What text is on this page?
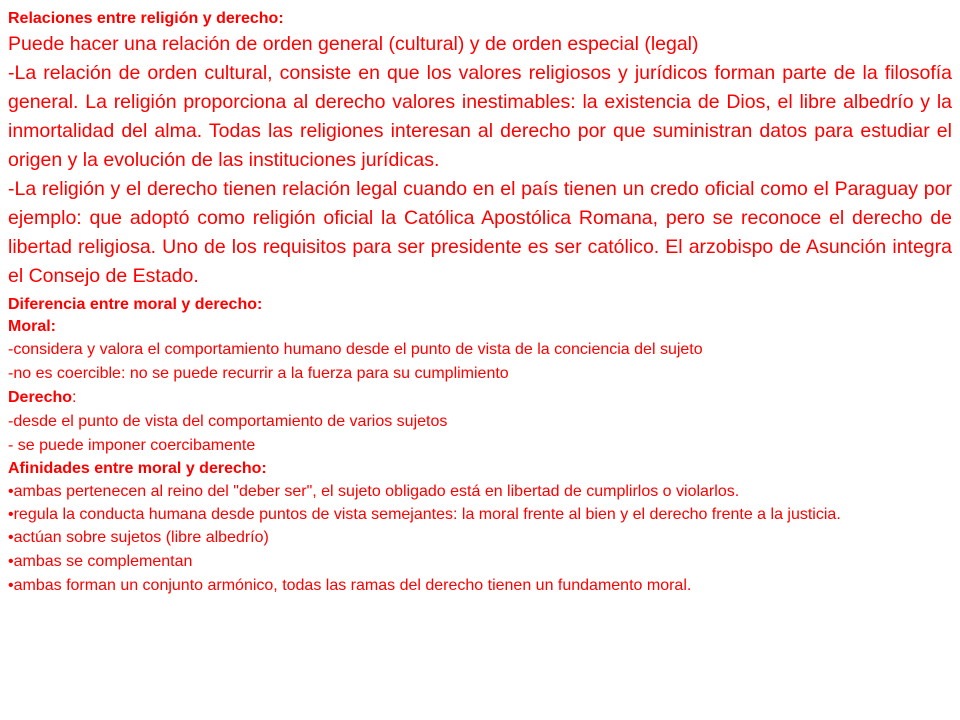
Relaciones entre religión y derecho:

Puede hacer una relación de orden general (cultural) y de orden especial (legal)

-La relación de orden cultural, consiste en que los valores religiosos y jurídicos forman parte de la filosofía general. La religión proporciona al derecho valores inestimables: la existencia de Dios, el libre albedrío y la inmortalidad del alma. Todas las religiones interesan al derecho por que suministran datos para estudiar el origen y la evolución de las instituciones jurídicas.

-La religión y el derecho tienen relación legal cuando en el país tienen un credo oficial como el Paraguay por ejemplo: que adoptó como religión oficial la Católica Apostólica Romana, pero se reconoce el derecho de libertad religiosa. Uno de los requisitos para ser presidente es ser católico. El arzobispo de Asunción integra el Consejo de Estado.

Diferencia entre moral y derecho:

Moral:

-considera y valora el comportamiento humano desde el punto de vista de la conciencia del sujeto

-no es coercible: no se puede recurrir a la fuerza para su cumplimiento

Derecho:

-desde el punto de vista del comportamiento de varios sujetos

- se puede imponer coercibamente

Afinidades entre moral y derecho:

•ambas pertenecen al reino del "deber ser", el sujeto obligado está en libertad de cumplirlos o violarlos.

•regula la conducta humana desde puntos de vista semejantes: la moral frente al bien y el derecho frente a la justicia.

•actúan sobre sujetos (libre albedrío)

•ambas se complementan

•ambas forman un conjunto armónico, todas las ramas del derecho tienen un fundamento moral.
